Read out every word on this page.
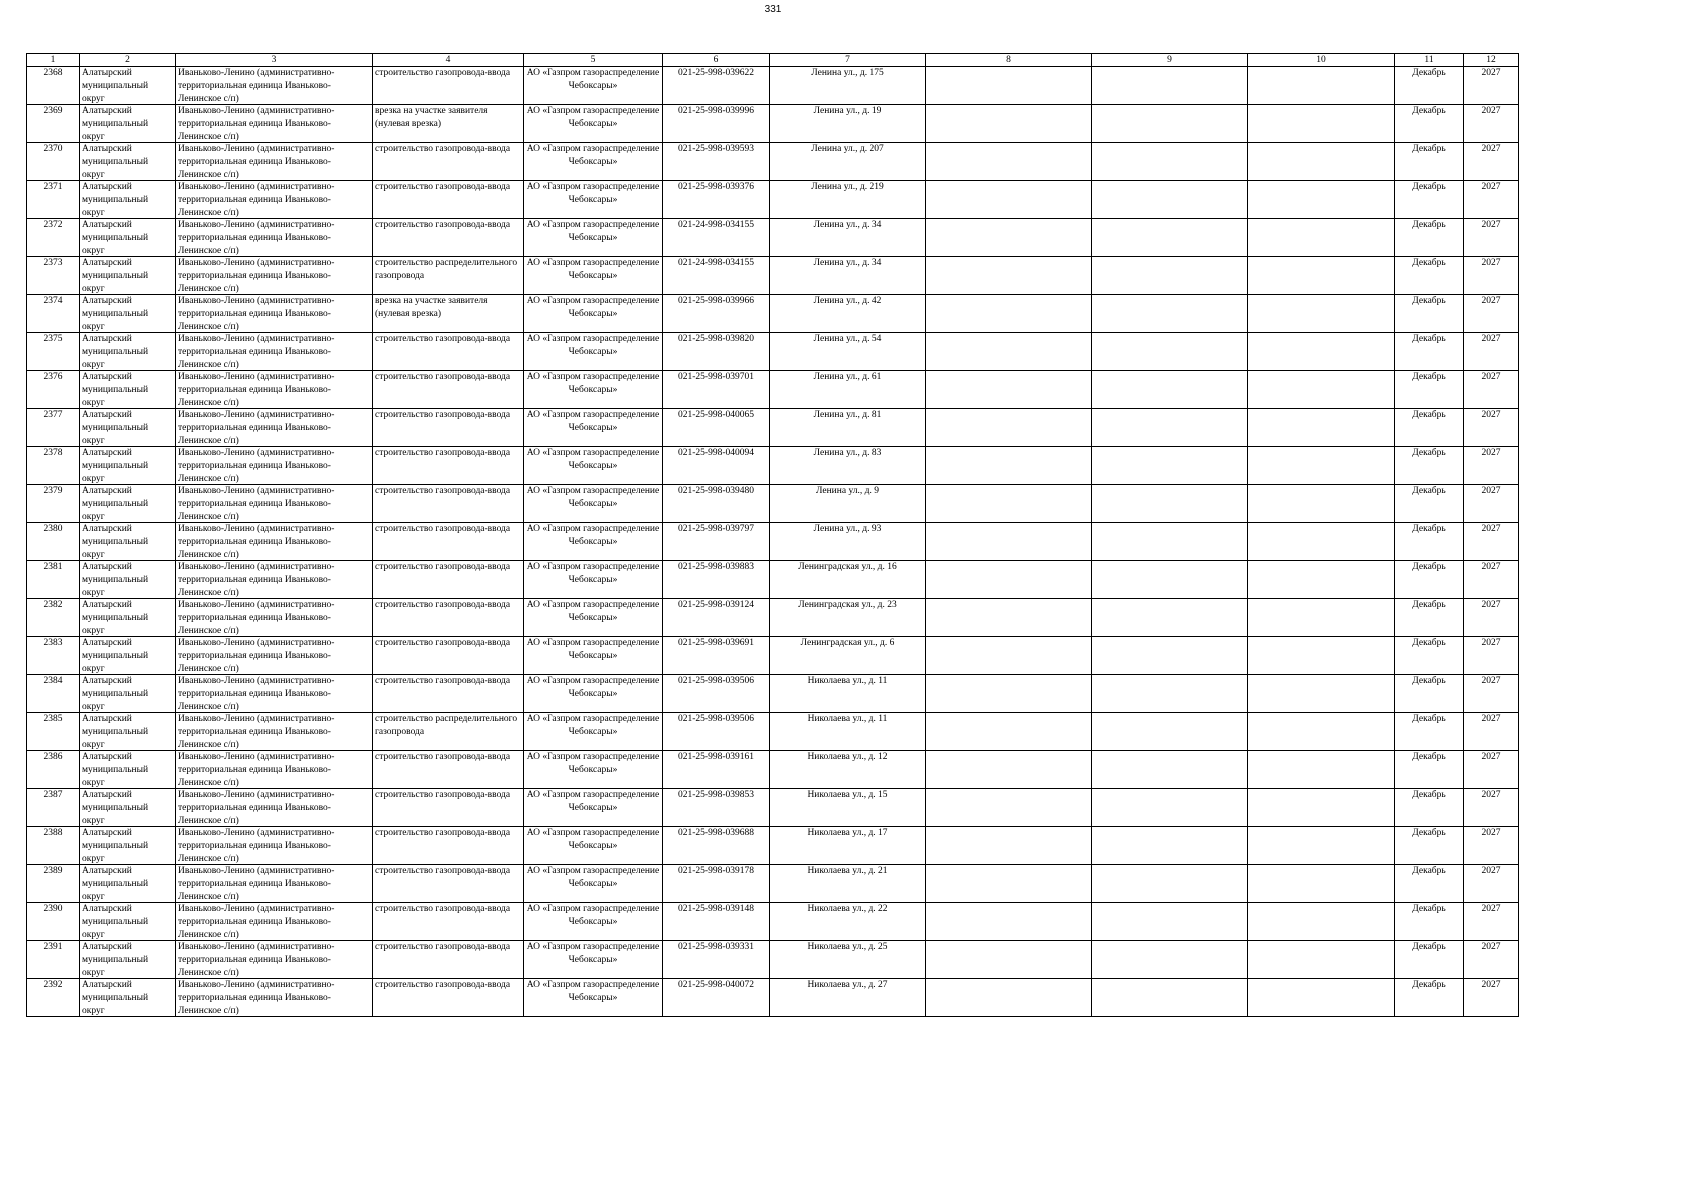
331
1	2	3	4	5	6	7	8	9	10	11	12

2368	Алатырский муниципальный округ	Иваньково-Ленино (административно-территориальная единица Иваньково-Ленинское с/п)	строительство газопровода-ввода	АО «Газпром газораспределение Чебоксары»	021-25-998-039622	Ленина ул., д. 175				Декабрь	2027

2369	Алатырский муниципальный округ	Иваньково-Ленино (административно-территориальная единица Иваньково-Ленинское с/п)	врезка на участке заявителя (нулевая врезка)	АО «Газпром газораспределение Чебоксары»	021-25-998-039996	Ленина ул., д. 19				Декабрь	2027

2370	Алатырский муниципальный округ	Иваньково-Ленино (административно-территориальная единица Иваньково-Ленинское с/п)	строительство газопровода-ввода	АО «Газпром газораспределение Чебоксары»	021-25-998-039593	Ленина ул., д. 207				Декабрь	2027

2371	Алатырский муниципальный округ	Иваньково-Ленино (административно-территориальная единица Иваньково-Ленинское с/п)	строительство газопровода-ввода	АО «Газпром газораспределение Чебоксары»	021-25-998-039376	Ленина ул., д. 219				Декабрь	2027

2372	Алатырский муниципальный округ	Иваньково-Ленино (административно-территориальная единица Иваньково-Ленинское с/п)	строительство газопровода-ввода	АО «Газпром газораспределение Чебоксары»	021-24-998-034155	Ленина ул., д. 34				Декабрь	2027

2373	Алатырский муниципальный округ	Иваньково-Ленино (административно-территориальная единица Иваньково-Ленинское с/п)	строительство распределительного газопровода	АО «Газпром газораспределение Чебоксары»	021-24-998-034155	Ленина ул., д. 34				Декабрь	2027

2374	Алатырский муниципальный округ	Иваньково-Ленино (административно-территориальная единица Иваньково-Ленинское с/п)	врезка на участке заявителя (нулевая врезка)	АО «Газпром газораспределение Чебоксары»	021-25-998-039966	Ленина ул., д. 42				Декабрь	2027

2375	Алатырский муниципальный округ	Иваньково-Ленино (административно-территориальная единица Иваньково-Ленинское с/п)	строительство газопровода-ввода	АО «Газпром газораспределение Чебоксары»	021-25-998-039820	Ленина ул., д. 54				Декабрь	2027

2376	Алатырский муниципальный округ	Иваньково-Ленино (административно-территориальная единица Иваньково-Ленинское с/п)	строительство газопровода-ввода	АО «Газпром газораспределение Чебоксары»	021-25-998-039701	Ленина ул., д. 61				Декабрь	2027

2377	Алатырский муниципальный округ	Иваньково-Ленино (административно-территориальная единица Иваньково-Ленинское с/п)	строительство газопровода-ввода	АО «Газпром газораспределение Чебоксары»	021-25-998-040065	Ленина ул., д. 81				Декабрь	2027

2378	Алатырский муниципальный округ	Иваньково-Ленино (административно-территориальная единица Иваньково-Ленинское с/п)	строительство газопровода-ввода	АО «Газпром газораспределение Чебоксары»	021-25-998-040094	Ленина ул., д. 83				Декабрь	2027

2379	Алатырский муниципальный округ	Иваньково-Ленино (административно-территориальная единица Иваньково-Ленинское с/п)	строительство газопровода-ввода	АО «Газпром газораспределение Чебоксары»	021-25-998-039480	Ленина ул., д. 9				Декабрь	2027

2380	Алатырский муниципальный округ	Иваньково-Ленино (административно-территориальная единица Иваньково-Ленинское с/п)	строительство газопровода-ввода	АО «Газпром газораспределение Чебоксары»	021-25-998-039797	Ленина ул., д. 93				Декабрь	2027

2381	Алатырский муниципальный округ	Иваньково-Ленино (административно-территориальная единица Иваньково-Ленинское с/п)	строительство газопровода-ввода	АО «Газпром газораспределение Чебоксары»	021-25-998-039883	Ленинградская ул., д. 16				Декабрь	2027

2382	Алатырский муниципальный округ	Иваньково-Ленино (административно-территориальная единица Иваньково-Ленинское с/п)	строительство газопровода-ввода	АО «Газпром газораспределение Чебоксары»	021-25-998-039124	Ленинградская ул., д. 23				Декабрь	2027

2383	Алатырский муниципальный округ	Иваньково-Ленино (административно-территориальная единица Иваньково-Ленинское с/п)	строительство газопровода-ввода	АО «Газпром газораспределение Чебоксары»	021-25-998-039691	Ленинградская ул., д. 6				Декабрь	2027

2384	Алатырский муниципальный округ	Иваньково-Ленино (административно-территориальная единица Иваньково-Ленинское с/п)	строительство газопровода-ввода	АО «Газпром газораспределение Чебоксары»	021-25-998-039506	Николаева ул., д. 11				Декабрь	2027

2385	Алатырский муниципальный округ	Иваньково-Ленино (административно-территориальная единица Иваньково-Ленинское с/п)	строительство распределительного газопровода	АО «Газпром газораспределение Чебоксары»	021-25-998-039506	Николаева ул., д. 11				Декабрь	2027

2386	Алатырский муниципальный округ	Иваньково-Ленино (административно-территориальная единица Иваньково-Ленинское с/п)	строительство газопровода-ввода	АО «Газпром газораспределение Чебоксары»	021-25-998-039161	Николаева ул., д. 12				Декабрь	2027

2387	Алатырский муниципальный округ	Иваньково-Ленино (административно-территориальная единица Иваньково-Ленинское с/п)	строительство газопровода-ввода	АО «Газпром газораспределение Чебоксары»	021-25-998-039853	Николаева ул., д. 15				Декабрь	2027

2388	Алатырский муниципальный округ	Иваньково-Ленино (административно-территориальная единица Иваньково-Ленинское с/п)	строительство газопровода-ввода	АО «Газпром газораспределение Чебоксары»	021-25-998-039688	Николаева ул., д. 17				Декабрь	2027

2389	Алатырский муниципальный округ	Иваньково-Ленино (административно-территориальная единица Иваньково-Ленинское с/п)	строительство газопровода-ввода	АО «Газпром газораспределение Чебоксары»	021-25-998-039178	Николаева ул., д. 21				Декабрь	2027

2390	Алатырский муниципальный округ	Иваньково-Ленино (административно-территориальная единица Иваньково-Ленинское с/п)	строительство газопровода-ввода	АО «Газпром газораспределение Чебоксары»	021-25-998-039148	Николаева ул., д. 22				Декабрь	2027

2391	Алатырский муниципальный округ	Иваньково-Ленино (административно-территориальная единица Иваньково-Ленинское с/п)	строительство газопровода-ввода	АО «Газпром газораспределение Чебоксары»	021-25-998-039331	Николаева ул., д. 25				Декабрь	2027

2392	Алатырский муниципальный округ	Иваньково-Ленино (административно-территориальная единица Иваньково-Ленинское с/п)	строительство газопровода-ввода	АО «Газпром газораспределение Чебоксары»	021-25-998-040072	Николаева ул., д. 27				Декабрь	2027
